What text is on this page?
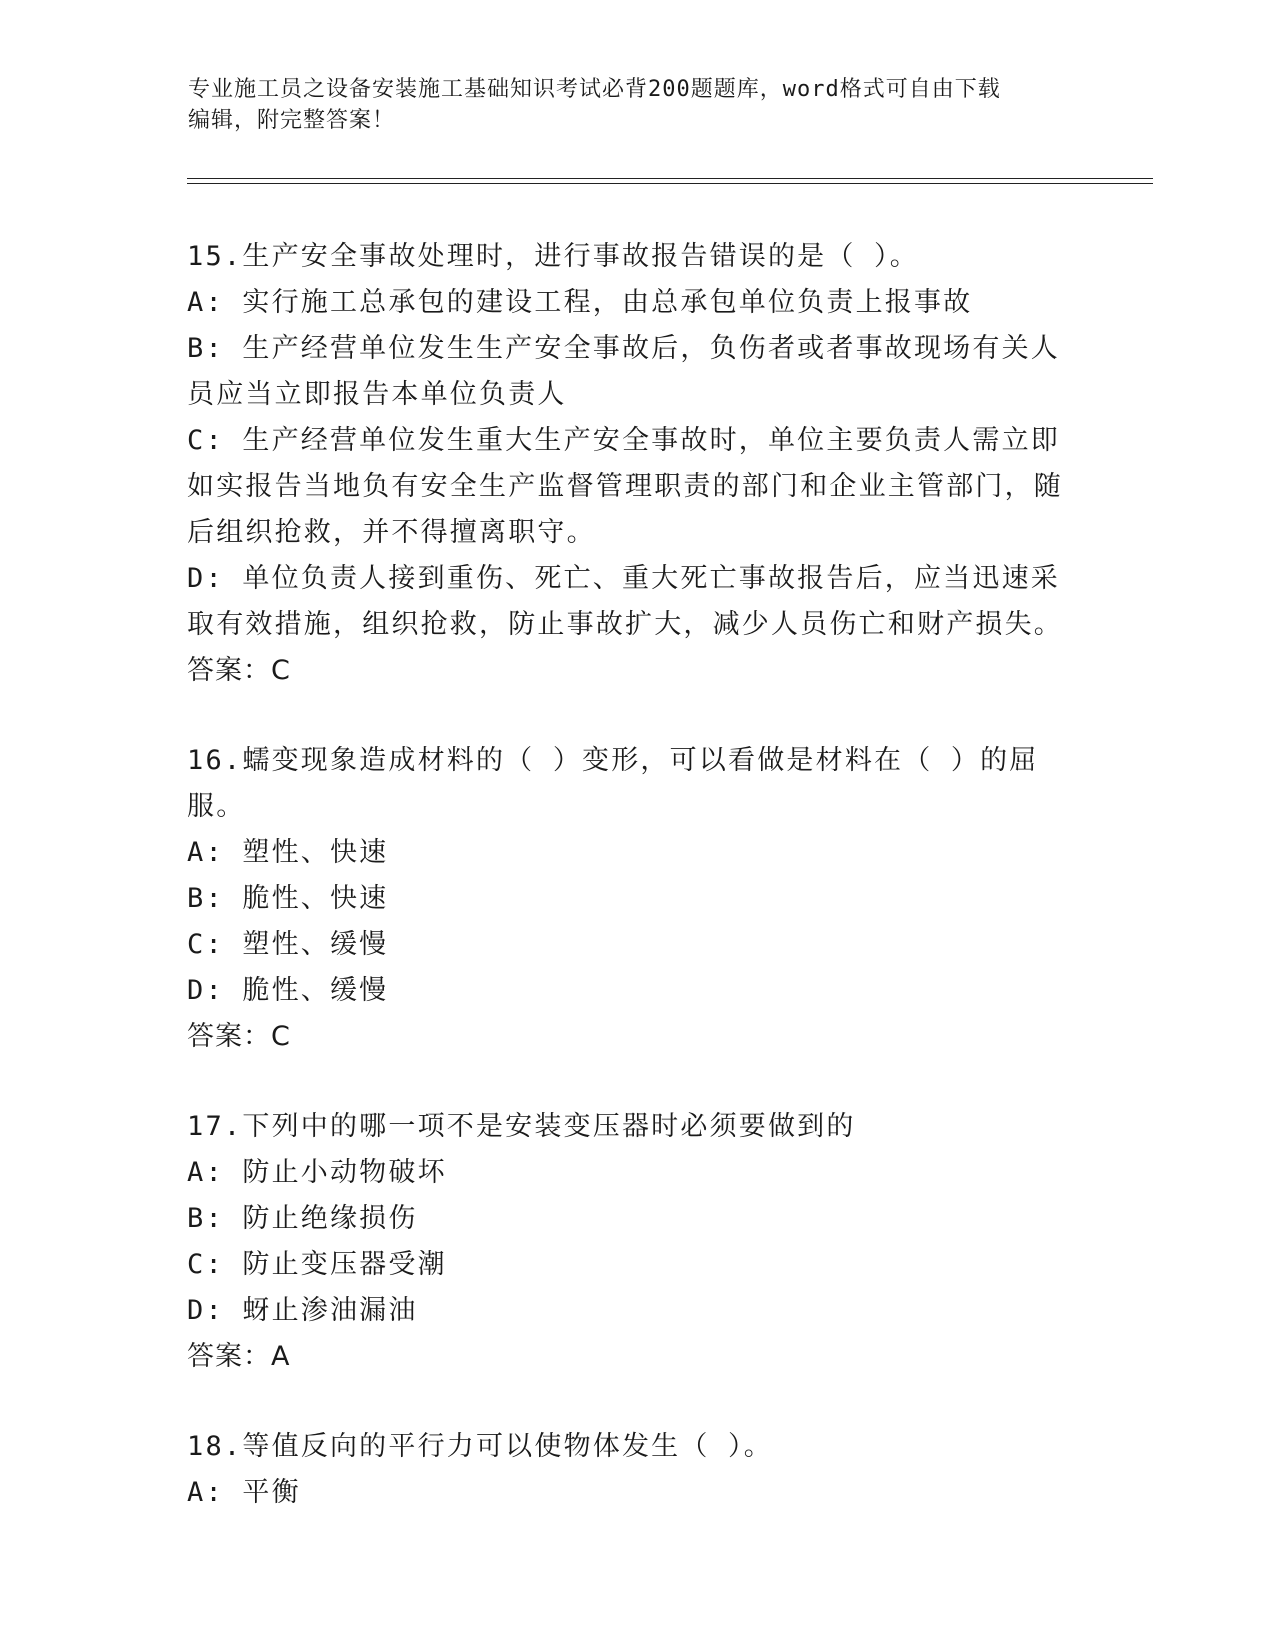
专业施工员之设备安装施工基础知识考试必背200题题库，word格式可自由下载
编辑，附完整答案！

15.生产安全事故处理时，进行事故报告错误的是（ ）。

A: 实行施工总承包的建设工程，由总承包单位负责上报事故

B: 生产经营单位发生生产安全事故后，负伤者或者事故现场有关人员应当立即报告本单位负责人

C: 生产经营单位发生重大生产安全事故时，单位主要负责人需立即如实报告当地负有安全生产监督管理职责的部门和企业主管部门，随后组织抢救，并不得擅离职守。

D: 单位负责人接到重伤、死亡、重大死亡事故报告后，应当迅速采取有效措施，组织抢救，防止事故扩大，减少人员伤亡和财产损失。

答案：C

16.蠕变现象造成材料的（ ）变形，可以看做是材料在（ ）的屈服。

A: 塑性、快速

B: 脆性、快速

C: 塑性、缓慢

D: 脆性、缓慢

答案：C

17.下列中的哪一项不是安装变压器时必须要做到的

A: 防止小动物破坏

B: 防止绝缘损伤

C: 防止变压器受潮

D: 蚜止渗油漏油

答案：A

18.等值反向的平行力可以使物体发生（ ）。

A: 平衡
